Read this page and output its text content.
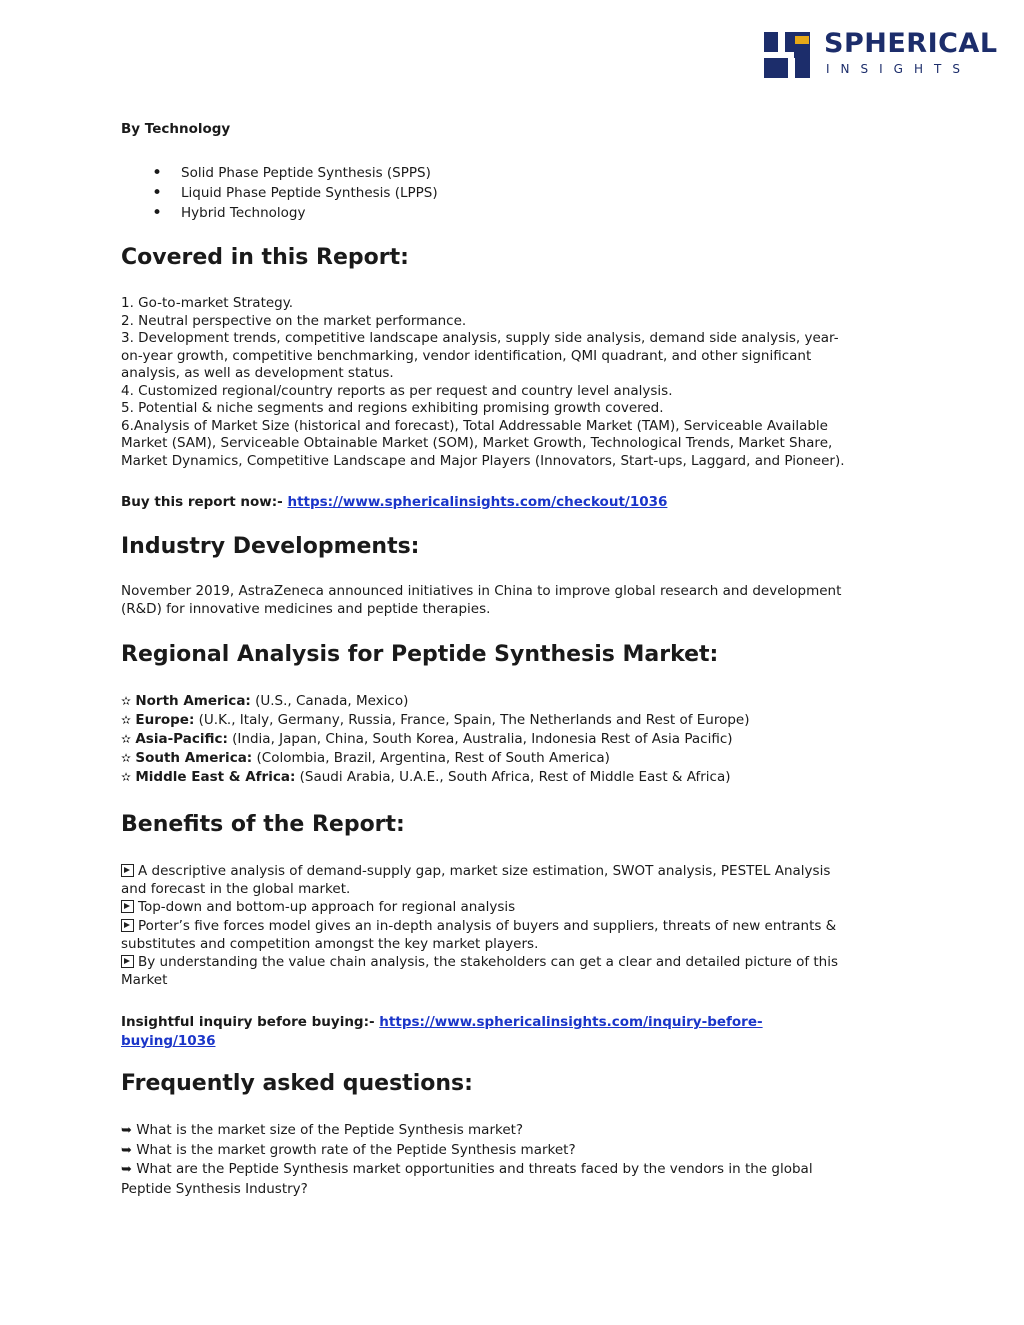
SPHERICAL
INSIGHTS
By Technology
• Solid Phase Peptide Synthesis (SPPS)
• Liquid Phase Peptide Synthesis (LPPS)
• Hybrid Technology
Covered in this Report:
1. Go-to-market Strategy.
2. Neutral perspective on the market performance.
3. Development trends, competitive landscape analysis, supply side analysis, demand side analysis, year-
on-year growth, competitive benchmarking, vendor identification, QMI quadrant, and other significant
analysis, as well as development status.
4. Customized regional/country reports as per request and country level analysis.
5. Potential & niche segments and regions exhibiting promising growth covered.
6.Analysis of Market Size (historical and forecast), Total Addressable Market (TAM), Serviceable Available
Market (SAM), Serviceable Obtainable Market (SOM), Market Growth, Technological Trends, Market Share,
Market Dynamics, Competitive Landscape and Major Players (Innovators, Start-ups, Laggard, and Pioneer).
Buy this report now:- https://www.sphericalinsights.com/checkout/1036
Industry Developments:
November 2019, AstraZeneca announced initiatives in China to improve global research and development
(R&D) for innovative medicines and peptide therapies.
Regional Analysis for Peptide Synthesis Market:
✫ North America: (U.S., Canada, Mexico)
✫ Europe: (U.K., Italy, Germany, Russia, France, Spain, The Netherlands and Rest of Europe)
✫ Asia-Pacific: (India, Japan, China, South Korea, Australia, Indonesia Rest of Asia Pacific)
✫ South America: (Colombia, Brazil, Argentina, Rest of South America)
✫ Middle East & Africa: (Saudi Arabia, U.A.E., South Africa, Rest of Middle East & Africa)
Benefits of the Report:
A descriptive analysis of demand-supply gap, market size estimation, SWOT analysis, PESTEL Analysis
and forecast in the global market.
Top-down and bottom-up approach for regional analysis
Porter’s five forces model gives an in-depth analysis of buyers and suppliers, threats of new entrants &
substitutes and competition amongst the key market players.
By understanding the value chain analysis, the stakeholders can get a clear and detailed picture of this
Market
Insightful inquiry before buying:- https://www.sphericalinsights.com/inquiry-before-
buying/1036
Frequently asked questions:
➥ What is the market size of the Peptide Synthesis market?
➥ What is the market growth rate of the Peptide Synthesis market?
➥ What are the Peptide Synthesis market opportunities and threats faced by the vendors in the global
Peptide Synthesis Industry?
